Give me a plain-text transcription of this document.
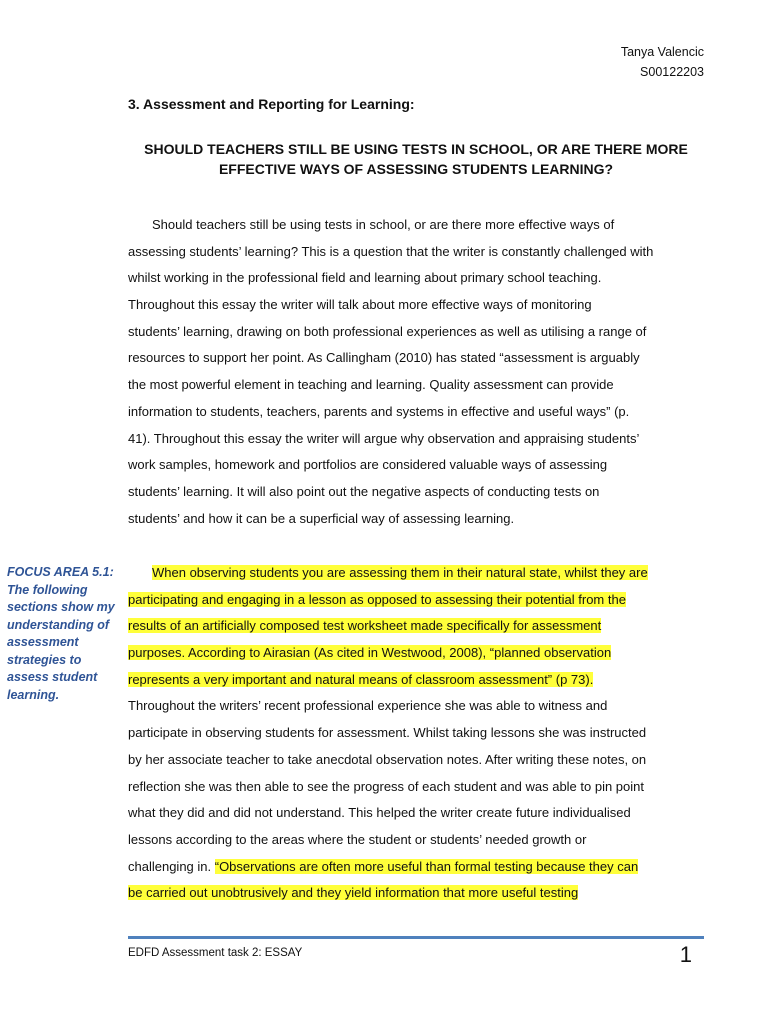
Tanya Valencic
S00122203
3. Assessment and Reporting for Learning:
SHOULD TEACHERS STILL BE USING TESTS IN SCHOOL, OR ARE THERE MORE
EFFECTIVE WAYS OF ASSESSING STUDENTS LEARNING?
Should teachers still be using tests in school, or are there more effective ways of
assessing students’ learning? This is a question that the writer is constantly challenged with
whilst working in the professional field and learning about primary school teaching.
Throughout this essay the writer will talk about more effective ways of monitoring
students’ learning, drawing on both professional experiences as well as utilising a range of
resources to support her point. As Callingham (2010) has stated “assessment is arguably
the most powerful element in teaching and learning. Quality assessment can provide
information to students, teachers, parents and systems in effective and useful ways” (p.
41). Throughout this essay the writer will argue why observation and appraising students’
work samples, homework and portfolios are considered valuable ways of assessing
students’ learning. It will also point out the negative aspects of conducting tests on
students’ and how it can be a superficial way of assessing learning.
FOCUS AREA 5.1:
The following
sections show my
understanding of
assessment
strategies to
assess student
learning.
When observing students you are assessing them in their natural state, whilst they are
participating and engaging in a lesson as opposed to assessing their potential from the
results of an artificially composed test worksheet made specifically for assessment
purposes. According to Airasian (As cited in Westwood, 2008), “planned observation
represents a very important and natural means of classroom assessment” (p 73).
Throughout the writers’ recent professional experience she was able to witness and
participate in observing students for assessment. Whilst taking lessons she was instructed
by her associate teacher to take anecdotal observation notes. After writing these notes, on
reflection she was then able to see the progress of each student and was able to pin point
what they did and did not understand. This helped the writer create future individualised
lessons according to the areas where the student or students’ needed growth or
challenging in. “Observations are often more useful than formal testing because they can
be carried out unobtrusively and they yield information that more useful testing
EDFD Assessment task 2: ESSAY	1
